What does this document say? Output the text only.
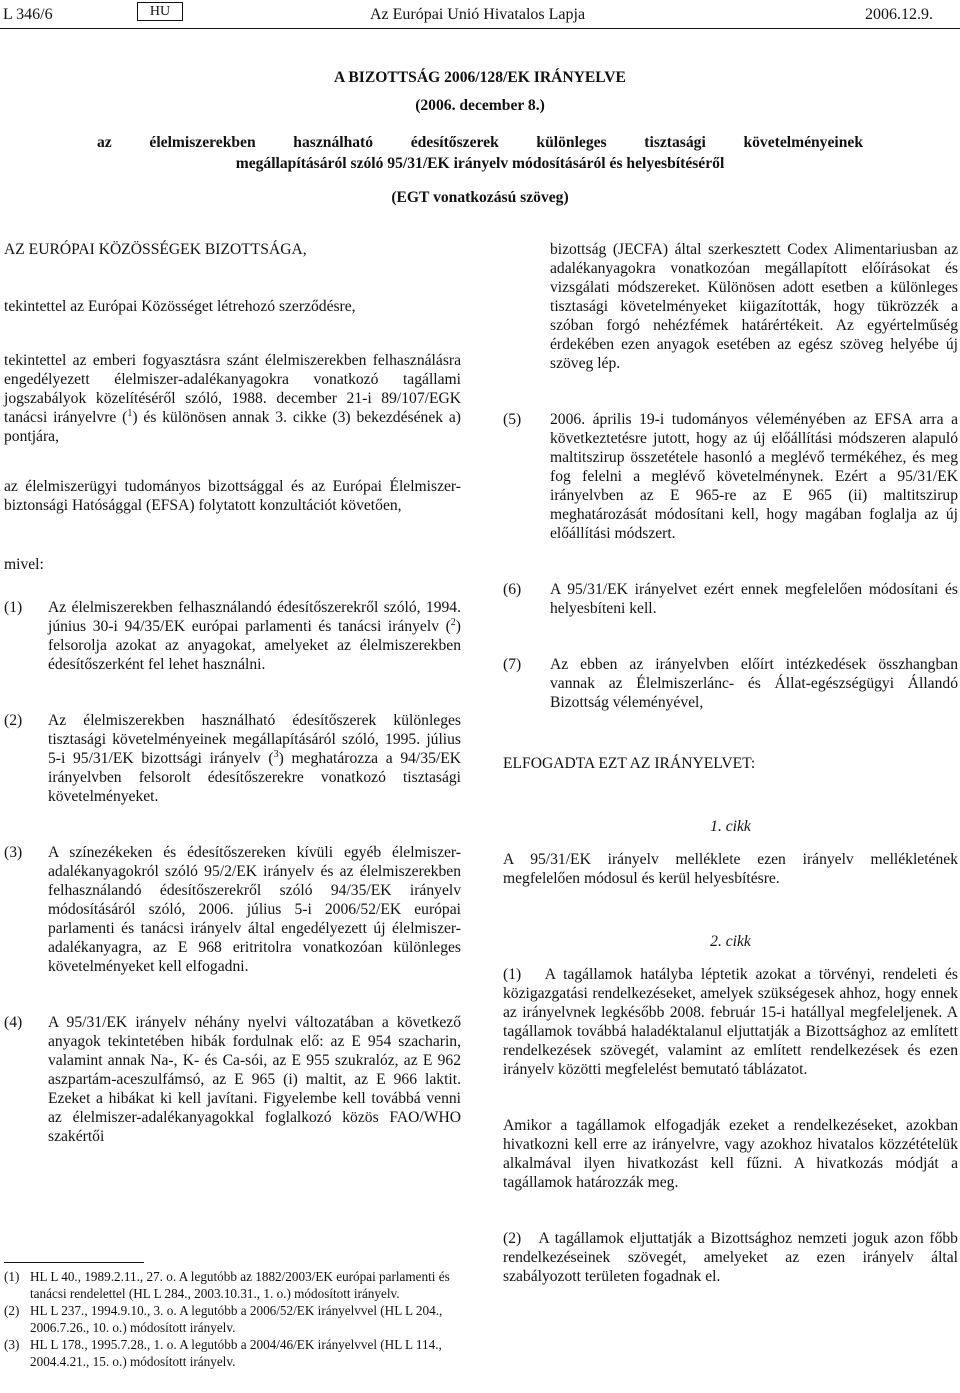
L 346/6	HU	Az Európai Unió Hivatalos Lapja	2006.12.9.
A BIZOTTSÁG 2006/128/EK IRÁNYELVE
(2006. december 8.)
az élelmiszerekben használható édesítőszerek különleges tisztasági követelményeinek
megállapításáról szóló 95/31/EK irányelv módosításáról és helyesbítéséről
(EGT vonatkozású szöveg)

AZ EURÓPAI KÖZÖSSÉGEK BIZOTTSÁGA,

tekintettel az Európai Közösséget létrehozó szerződésre,

tekintettel az emberi fogyasztásra szánt élelmiszerekben felhasználásra engedélyezett élelmiszer-adalékanyagokra vonatkozó tagállami jogszabályok közelítéséről szóló, 1988. december 21-i 89/107/EGK tanácsi irányelvre ($^1$) és különösen annak 3. cikke (3) bekezdésének a) pontjára,

az élelmiszerügyi tudományos bizottsággal és az Európai Élelmiszer-biztonsági Hatósággal (EFSA) folytatott konzultációt követően,

mivel:

(1)	Az élelmiszerekben felhasználandó édesítőszerekről szóló, 1994. június 30-i 94/35/EK európai parlamenti és tanácsi irányelv ($^2$) felsorolja azokat az anyagokat, amelyeket az élelmiszerekben édesítőszerként fel lehet használni.
(2)	Az élelmiszerekben használható édesítőszerek különleges tisztasági követelményeinek megállapításáról szóló, 1995. július 5-i 95/31/EK bizottsági irányelv ($^3$) meghatározza a 94/35/EK irányelvben felsorolt édesítőszerekre vonatkozó tisztasági követelményeket.
(3)	A színezékeken és édesítőszereken kívüli egyéb élelmiszer-adalékanyagokról szóló 95/2/EK irányelv és az élelmiszerekben felhasználandó édesítőszerekről szóló 94/35/EK irányelv módosításáról szóló, 2006. július 5-i 2006/52/EK európai parlamenti és tanácsi irányelv által engedélyezett új élelmiszer-adalékanyagra, az E 968 eritritolra vonatkozóan különleges követelményeket kell elfogadni.
(4)	A 95/31/EK irányelv néhány nyelvi változatában a következő anyagok tekintetében hibák fordulnak elő: az E 954 szacharin, valamint annak Na-, K- és Ca-sói, az E 955 szukralóz, az E 962 aszpartám-aceszulfámsó, az E 965 (i) maltit, az E 966 laktit. Ezeket a hibákat ki kell javítani. Figyelembe kell továbbá venni az élelmiszer-adalékanyagokkal foglalkozó közös FAO/WHO szakértői
(1) HL L 40., 1989.2.11., 27. o. A legutóbb az 1882/2003/EK európai parlamenti és tanácsi rendelettel (HL L 284., 2003.10.31., 1. o.) módosított irányelv.
(2) HL L 237., 1994.9.10., 3. o. A legutóbb a 2006/52/EK irányelvvel (HL L 204., 2006.7.26., 10. o.) módosított irányelv.
(3) HL L 178., 1995.7.28., 1. o. A legutóbb a 2004/46/EK irányelvvel (HL L 114., 2004.4.21., 15. o.) módosított irányelv.

bizottság (JECFA) által szerkesztett Codex Alimentariusban az adalékanyagokra vonatkozóan megállapított előírásokat és vizsgálati módszereket. Különösen adott esetben a különleges tisztasági követelményeket kiigazították, hogy tükrözzék a szóban forgó nehézfémek határértékeit. Az egyértelműség érdekében ezen anyagok esetében az egész szöveg helyébe új szöveg lép.

(5)	2006. április 19-i tudományos véleményében az EFSA arra a következtetésre jutott, hogy az új előállítási módszeren alapuló maltitszirup összetétele hasonló a meglévő termékéhez, és meg fog felelni a meglévő követelménynek. Ezért a 95/31/EK irányelvben az E 965-re az E 965 (ii) maltitszirup meghatározását módosítani kell, hogy magában foglalja az új előállítási módszert.
(6)	A 95/31/EK irányelvet ezért ennek megfelelően módosítani és helyesbíteni kell.
(7)	Az ebben az irányelvben előírt intézkedések összhangban vannak az Élelmiszerlánc- és Állat-egészségügyi Állandó Bizottság véleményével,

ELFOGADTA EZT AZ IRÁNYELVET:

1. cikk

A 95/31/EK irányelv melléklete ezen irányelv mellékletének megfelelően módosul és kerül helyesbítésre.

2. cikk

(1) A tagállamok hatályba léptetik azokat a törvényi, rendeleti és közigazgatási rendelkezéseket, amelyek szükségesek ahhoz, hogy ennek az irányelvnek legkésőbb 2008. február 15-i hatállyal megfeleljenek. A tagállamok továbbá haladéktalanul eljuttatják a Bizottsághoz az említett rendelkezések szövegét, valamint az említett rendelkezések és ezen irányelv közötti megfelelést bemutató táblázatot.

Amikor a tagállamok elfogadják ezeket a rendelkezéseket, azokban hivatkozni kell erre az irányelvre, vagy azokhoz hivatalos közzétételük alkalmával ilyen hivatkozást kell fűzni. A hivatkozás módját a tagállamok határozzák meg.

(2) A tagállamok eljuttatják a Bizottsághoz nemzeti joguk azon főbb rendelkezéseinek szövegét, amelyeket az ezen irányelv által szabályozott területen fogadnak el.
